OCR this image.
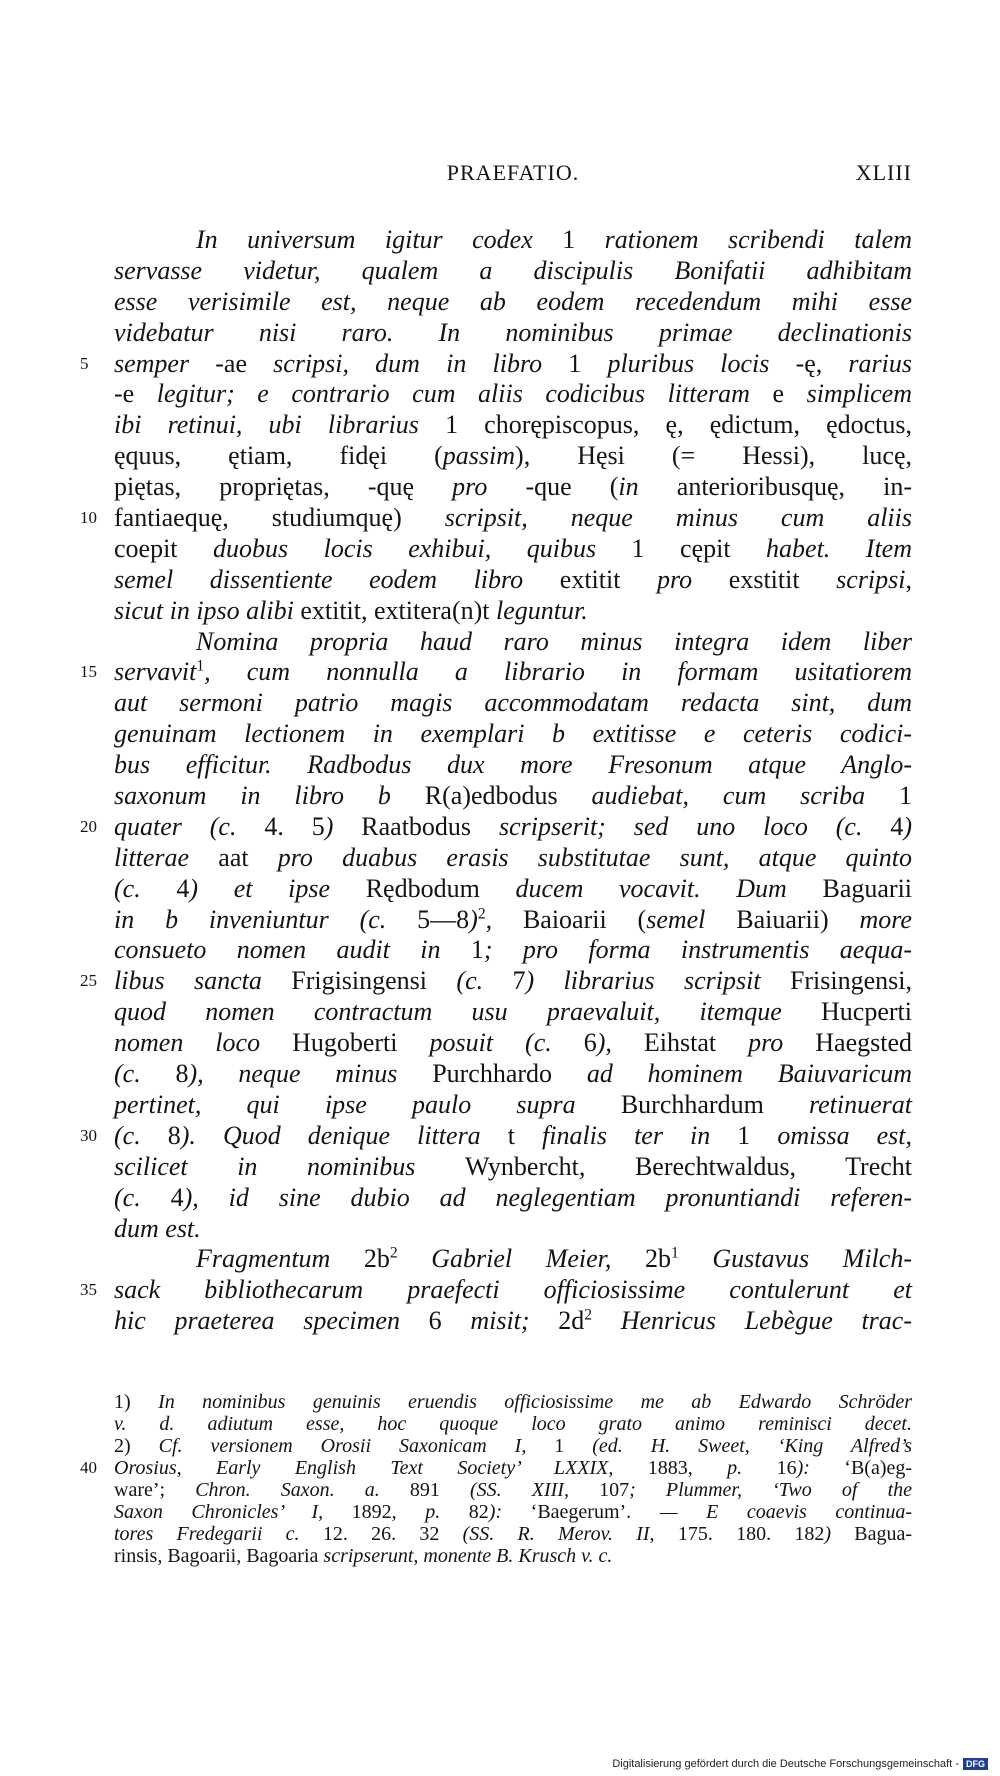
PRAEFATIO.	XLIII
In universum igitur codex 1 rationem scribendi talem
servasse videtur, qualem a discipulis Bonifatii adhibitam
esse verisimile est, neque ab eodem recedendum mihi esse
videbatur nisi raro. In nominibus primae declinationis
5 semper -ae scripsi, dum in libro 1 pluribus locis -ę, rarius
-e legitur; e contrario cum aliis codicibus litteram e simplicem
ibi retinui, ubi librarius 1 chorępiscopus, ę, ędictum, ędoctus,
ęquus, ętiam, fidęi (passim), Hęsi (= Hessi), lucę,
piętas, propriętas, -quę pro -que (in anterioribusquę, in-
10 fantiaequę, studiumquę) scripsit, neque minus cum aliis
coepit duobus locis exhibui, quibus 1 cępit habet. Item
semel dissentiente eodem libro extitit pro exstitit scripsi,
sicut in ipso alibi extitit, extitera(n)t leguntur.
Nomina propria haud raro minus integra idem liber
15 servavit$^1$, cum nonnulla a librario in formam usitatiorem
aut sermoni patrio magis accommodatam redacta sint, dum
genuinam lectionem in exemplari b extitisse e ceteris codici-
bus efficitur. Radbodus dux more Fresonum atque Anglo-
saxonum in libro b R(a)edbodus audiebat, cum scriba 1
20 quater (c. 4. 5) Raatbodus scripserit; sed uno loco (c. 4)
litterae aat pro duabus erasis substitutae sunt, atque quinto
(c. 4) et ipse Rędbodum ducem vocavit. Dum Baguarii
in b inveniuntur (c. 5—8)$^2$, Baioarii (semel Baiuarii) more
consueto nomen audit in 1; pro forma instrumentis aequa-
25 libus sancta Frigisingensi (c. 7) librarius scripsit Frisingensi,
quod nomen contractum usu praevaluit, itemque Hucperti
nomen loco Hugoberti posuit (c. 6), Eihstat pro Haegsted
(c. 8), neque minus Purchhardo ad hominem Baiuvaricum
pertinet, qui ipse paulo supra Burchhardum retinuerat
30 (c. 8). Quod denique littera t finalis ter in 1 omissa est,
scilicet in nominibus Wynbercht, Berechtwaldus, Trecht
(c. 4), id sine dubio ad neglegentiam pronuntiandi referen-
dum est.
Fragmentum $2b^2$ Gabriel Meier, $2b^1$ Gustavus Milch-
35 sack bibliothecarum praefecti officiosissime contulerunt et
hic praeterea specimen 6 misit; $2d^2$ Henricus Lebègue trac-
1) In nominibus genuinis eruendis officiosissime me ab Edwardo Schröder
v. d. adiutum esse, hoc quoque loco grato animo reminisci decet.
2) Cf. versionem Orosii Saxonicam I, 1 (ed. H. Sweet, ‘King Alfred’s
40 Orosius, Early English Text Society’ LXXIX, 1883, p. 16): ‘B(a)eg-
ware’; Chron. Saxon. a. 891 (SS. XIII, 107; Plummer, ‘Two of the
Saxon Chronicles’ I, 1892, p. 82): ‘Baegerum’. — E coaevis continua-
tores Fredegarii c. 12. 26. 32 (SS. R. Merov. II, 175. 180. 182) Bagua-
rinsis, Bagoarii, Bagoaria scripserunt, monente B. Krusch v. c.
Digitalisierung gefördert durch die Deutsche Forschungsgemeinschaft - DFG
